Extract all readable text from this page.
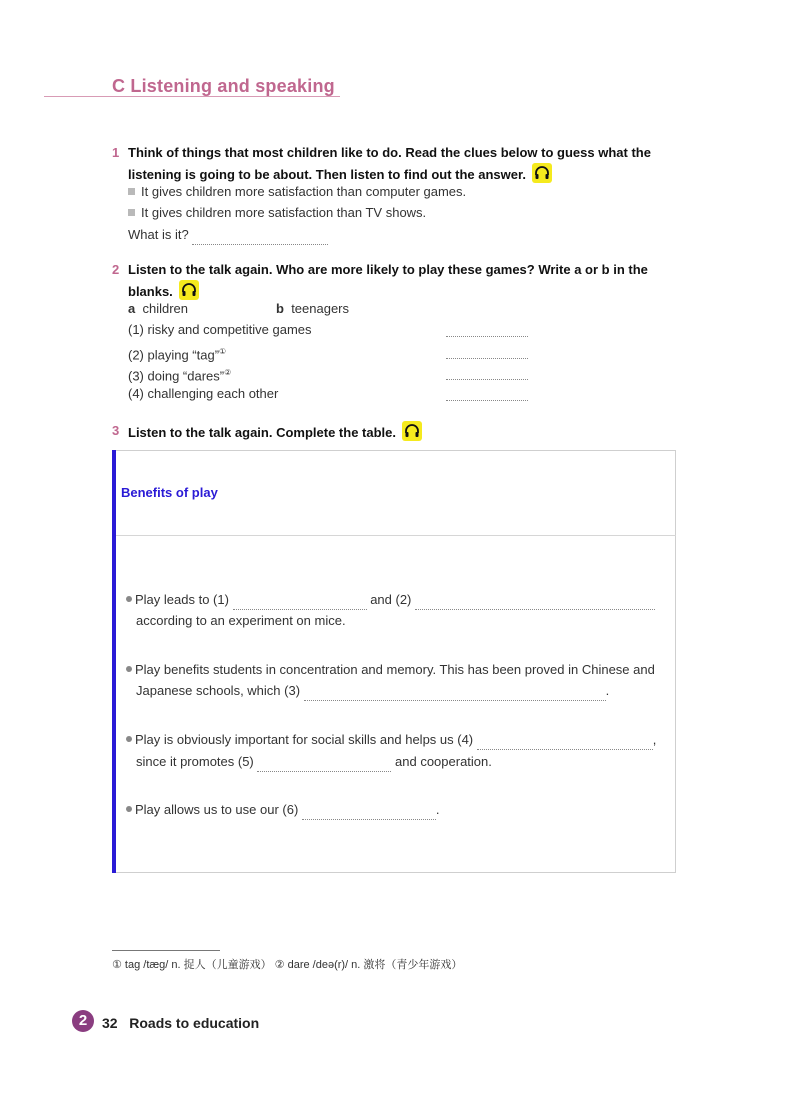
C Listening and speaking
1 Think of things that most children like to do. Read the clues below to guess what the
listening is going to be about. Then listen to find out the answer.
It gives children more satisfaction than computer games.
It gives children more satisfaction than TV shows.
What is it?
2 Listen to the talk again. Who are more likely to play these games? Write a or b in the
blanks.
a children	b teenagers
(1) risky and competitive games
(2) playing “tag”①
(3) doing “dares”②
(4) challenging each other
3 Listen to the talk again. Complete the table.
Benefits of play
Play leads to (1)	and (2)
according to an experiment on mice.
Play benefits students in concentration and memory. This has been proved in Chinese and
Japanese schools, which (3)	.
Play is obviously important for social skills and helps us (4)	,
since it promotes (5)	and cooperation.
Play allows us to use our (6)	.
① tag /tæg/ n. 捉人（儿童游戏） ② dare /deə(r)/ n. 激将（青少年游戏）
2	32 Roads to education
